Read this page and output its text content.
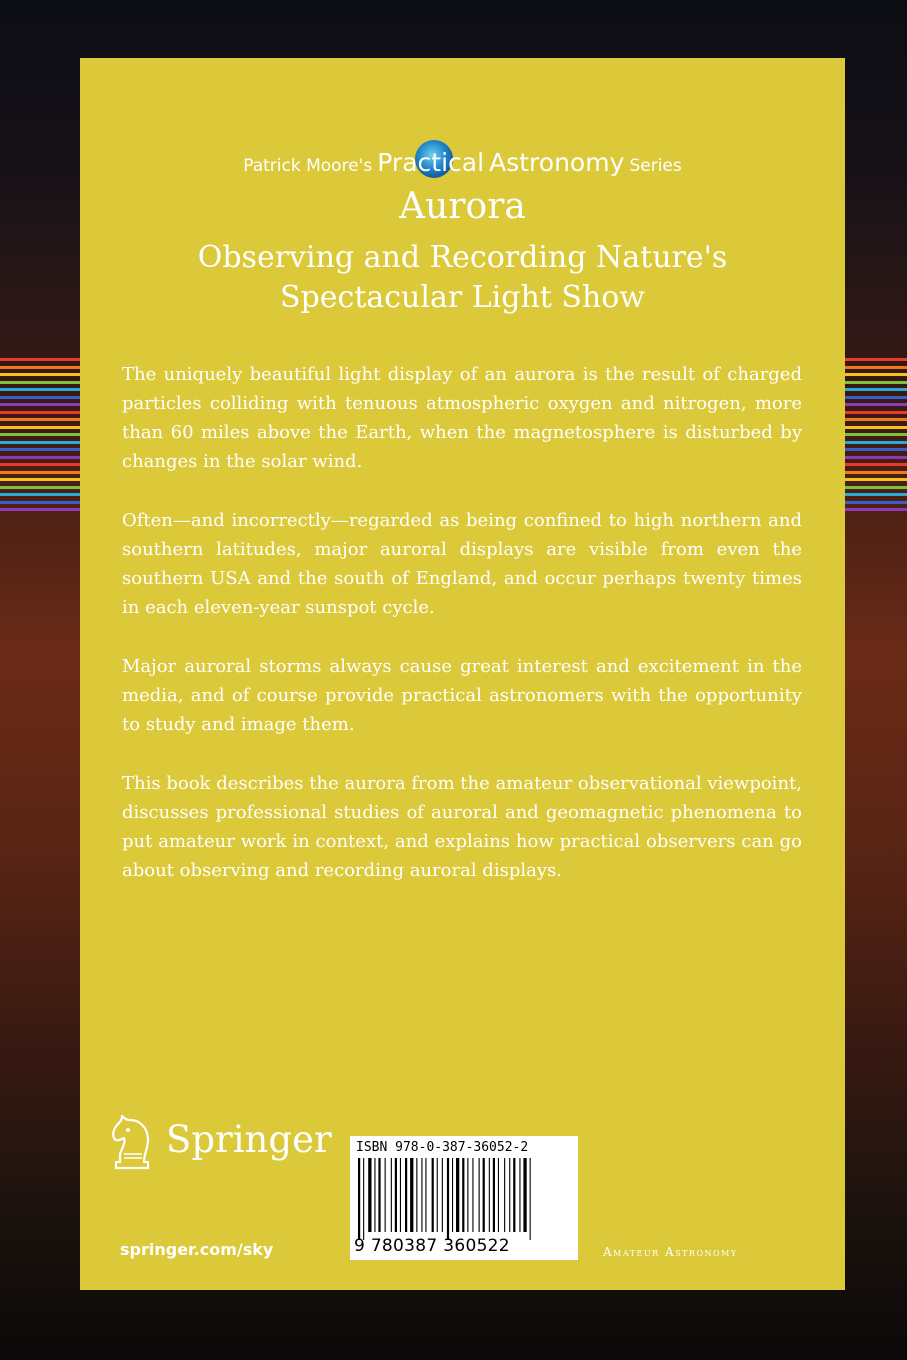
Patrick Moore's Practical Astronomy Series
Aurora
Observing and Recording Nature's
Spectacular Light Show

The uniquely beautiful light display of an aurora is the result of charged particles colliding with tenuous atmospheric oxygen and nitrogen, more than 60 miles above the Earth, when the magnetosphere is disturbed by changes in the solar wind.

Often—and incorrectly—regarded as being confined to high northern and southern latitudes, major auroral displays are visible from even the southern USA and the south of England, and occur perhaps twenty times in each eleven-year sunspot cycle.

Major auroral storms always cause great interest and excitement in the media, and of course provide practical astronomers with the opportunity to study and image them.

This book describes the aurora from the amateur observational viewpoint, discusses professional studies of auroral and geomagnetic phenomena to put amateur work in context, and explains how practical observers can go about observing and recording auroral displays.

Springer
springer.com/sky
ISBN 978-0-387-36052-2
9 780387 360522	Amateur Astronomy
